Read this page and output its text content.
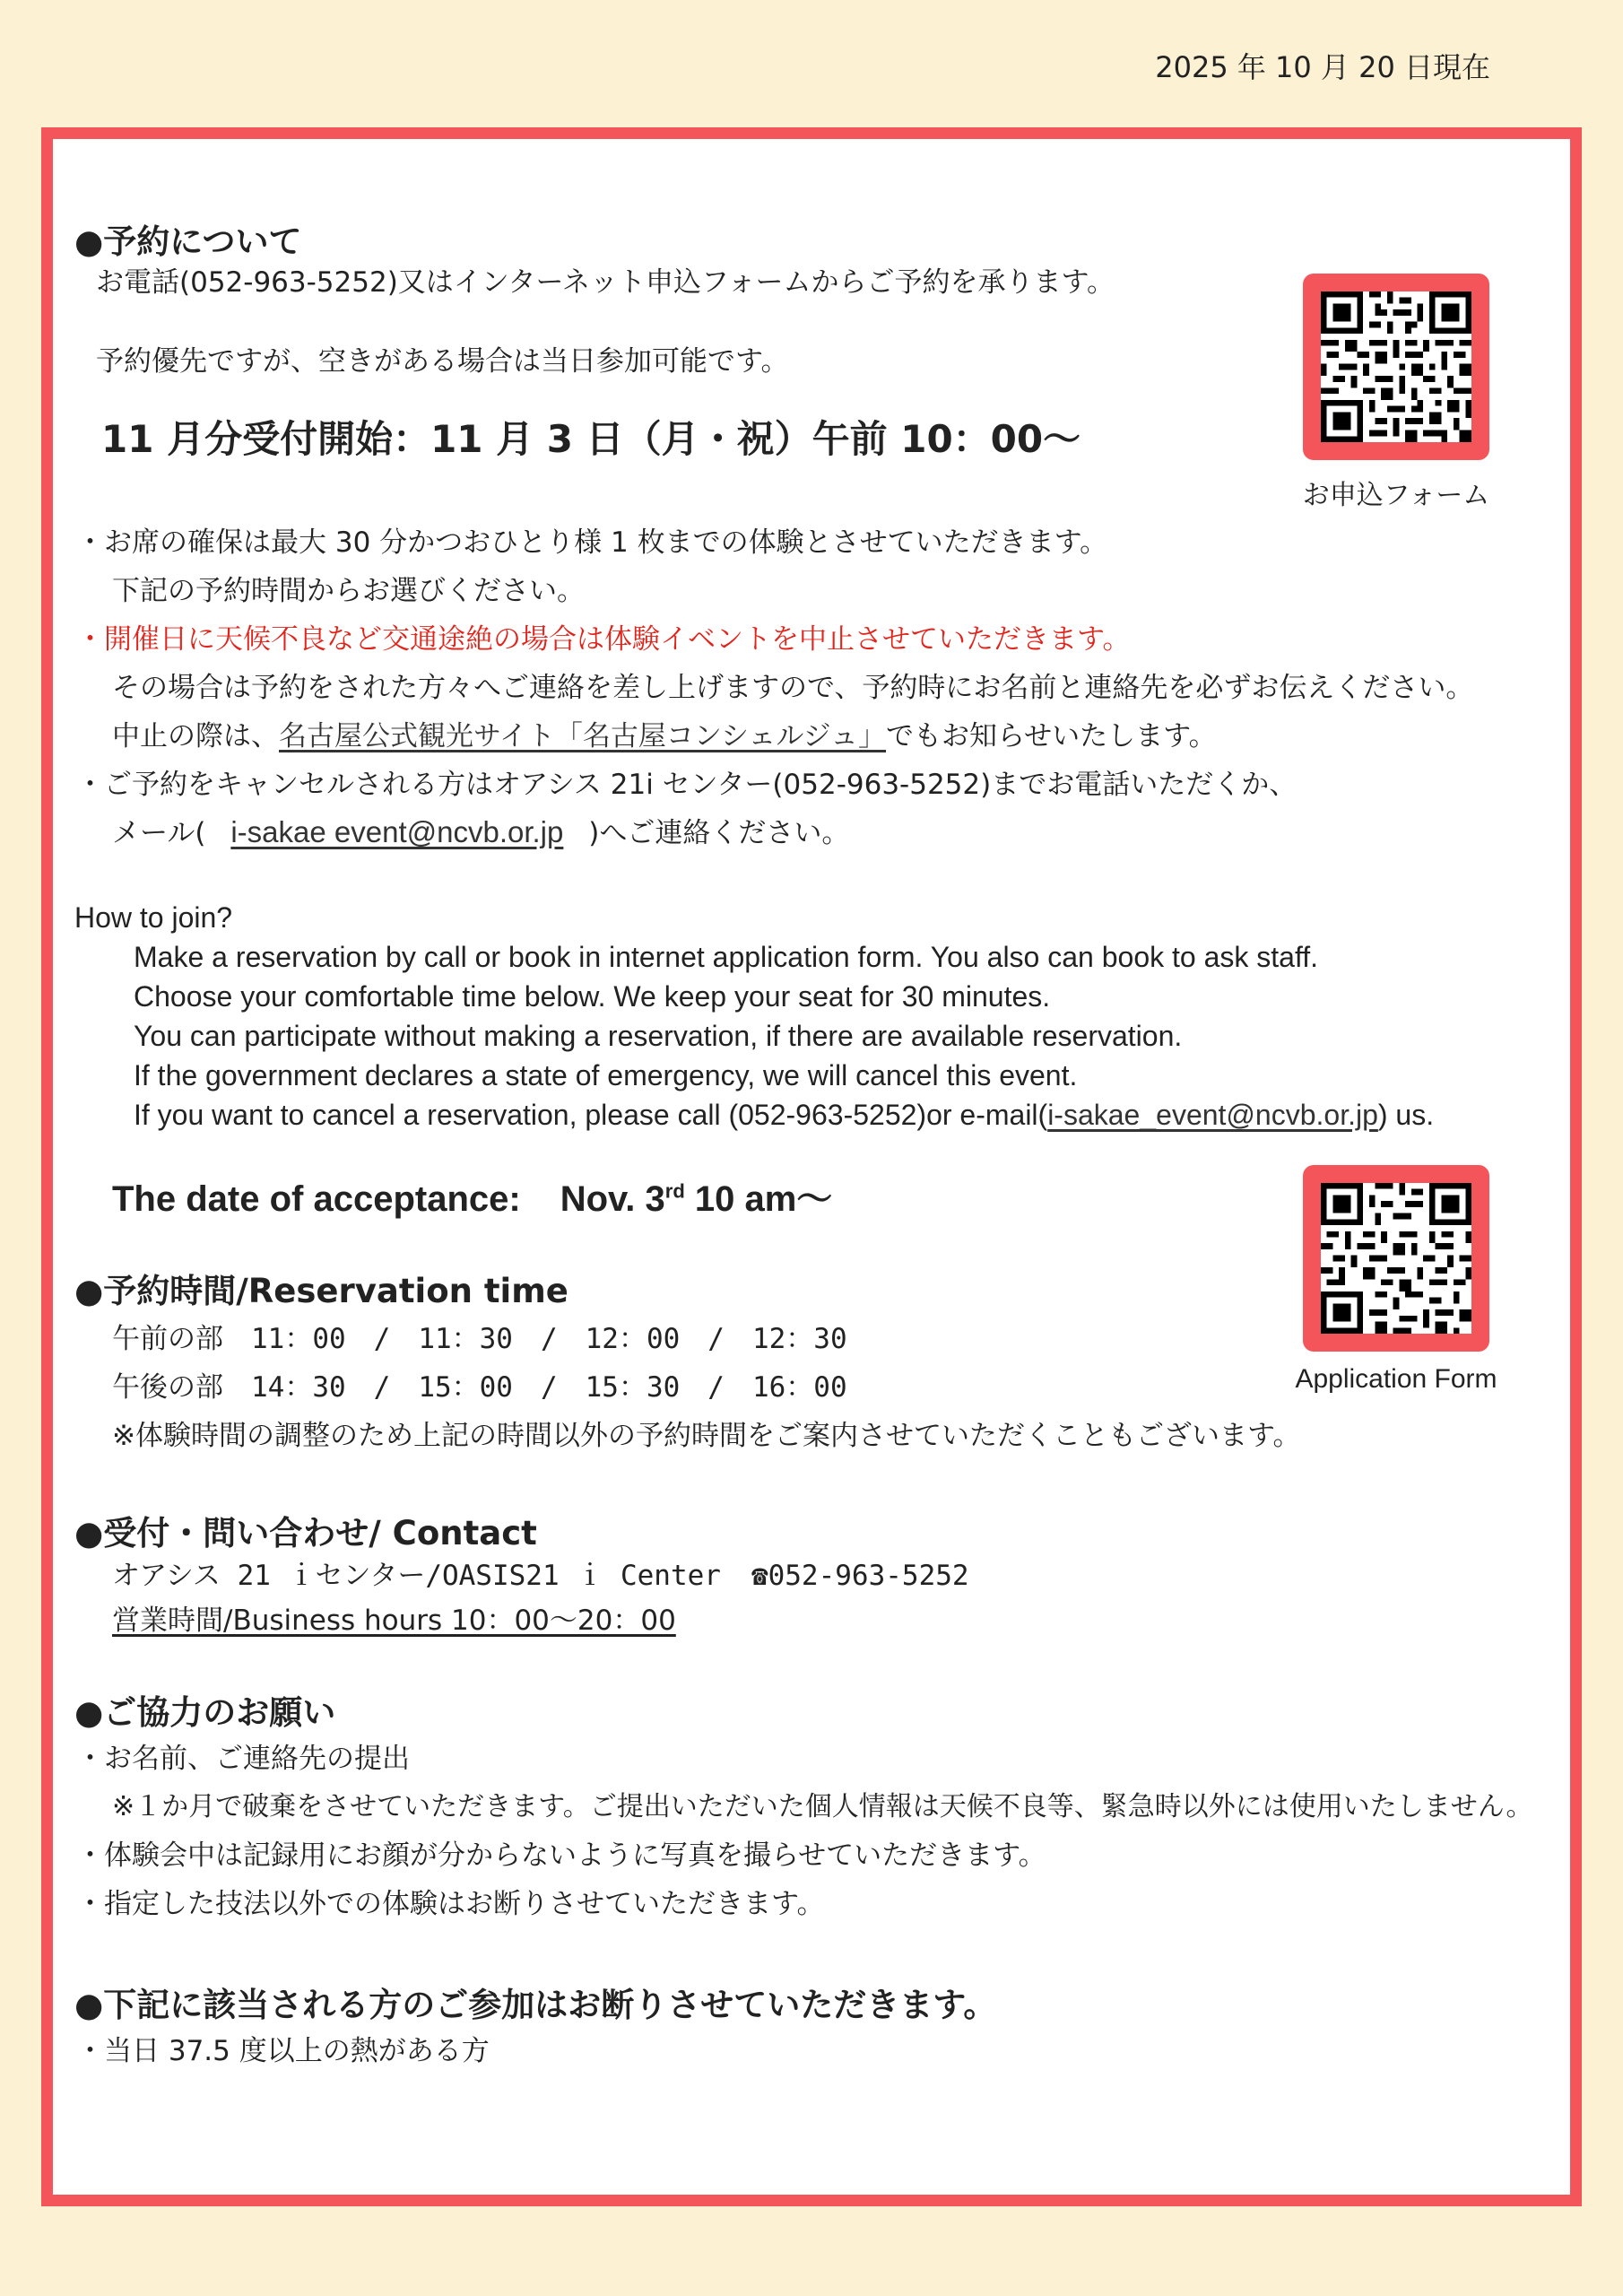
2025 年 10 月 20 日現在
●予約について
お電話(052-963-5252)又はインターネット申込フォームからご予約を承ります。
予約優先ですが、空きがある場合は当日参加可能です。
11 月分受付開始：11 月 3 日（月・祝）午前 10：00～
・お席の確保は最大 30 分かつおひとり様 1 枚までの体験とさせていただきます。
下記の予約時間からお選びください。
・開催日に天候不良など交通途絶の場合は体験イベントを中止させていただきます。
その場合は予約をされた方々へご連絡を差し上げますので、予約時にお名前と連絡先を必ずお伝えください。
中止の際は、名古屋公式観光サイト「名古屋コンシェルジュ」でもお知らせいたします。
・ご予約をキャンセルされる方はオアシス 21i センター(052-963-5252)までお電話いただくか、
メール( i-sakae event@ncvb.or.jp )へご連絡ください。
お申込フォーム
How to join?
Make a reservation by call or book in internet application form. You also can book to ask staff.
Choose your comfortable time below. We keep your seat for 30 minutes.
You can participate without making a reservation, if there are available reservation.
If the government declares a state of emergency, we will cancel this event.
If you want to cancel a reservation, please call (052-963-5252)or e-mail(i-sakae_event@ncvb.or.jp) us.
The date of acceptance: Nov. 3rd 10 am～
Application Form
●予約時間/Reservation time
午前の部　11：00　/　11：30　/　12：00　/　12：30
午後の部　14：30　/　15：00　/　15：30　/　16：00
※体験時間の調整のため上記の時間以外の予約時間をご案内させていただくこともございます。
●受付・問い合わせ/ Contact
オアシス 21 ｉセンター/OASIS21 ｉ Center ☎052-963-5252
営業時間/Business hours 10：00～20：00
●ご協力のお願い
・お名前、ご連絡先の提出
※１か月で破棄をさせていただきます。ご提出いただいた個人情報は天候不良等、緊急時以外には使用いたしません。
・体験会中は記録用にお顔が分からないように写真を撮らせていただきます。
・指定した技法以外での体験はお断りさせていただきます。
●下記に該当される方のご参加はお断りさせていただきます。
・当日 37.5 度以上の熱がある方
